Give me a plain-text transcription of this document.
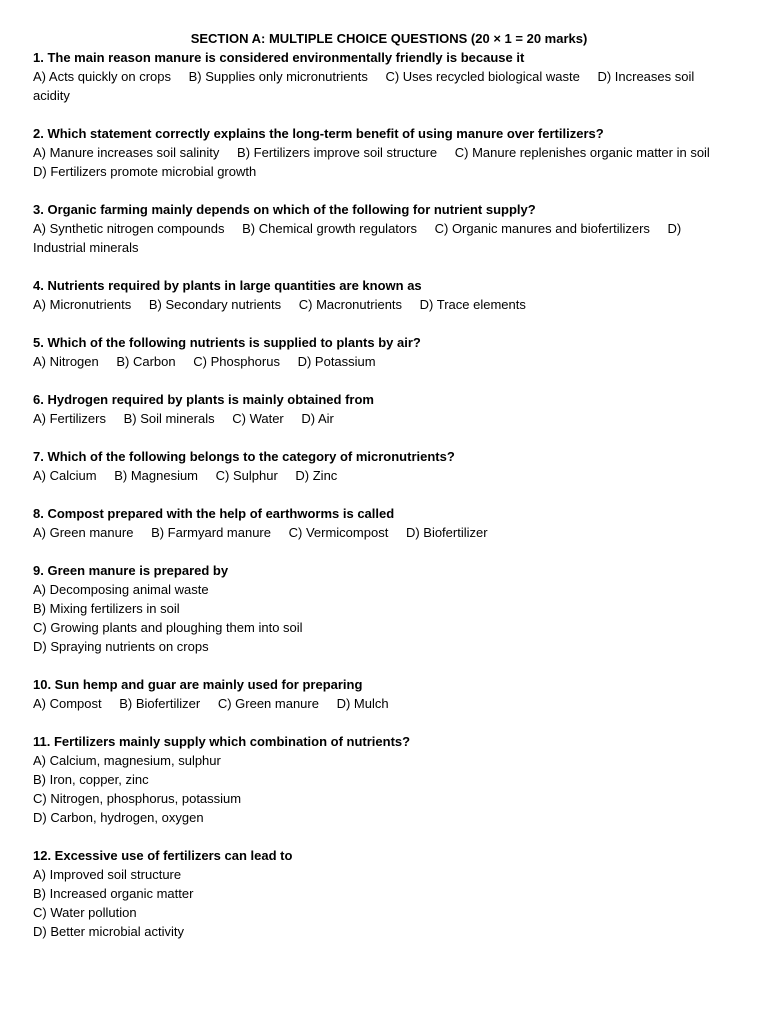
SECTION A: MULTIPLE CHOICE QUESTIONS (20 × 1 = 20 marks)
1. The main reason manure is considered environmentally friendly is because it
A) Acts quickly on crops B) Supplies only micronutrients C) Uses recycled biological waste D) Increases soil acidity
2. Which statement correctly explains the long-term benefit of using manure over fertilizers?
A) Manure increases soil salinity B) Fertilizers improve soil structure C) Manure replenishes organic matter in soil D) Fertilizers promote microbial growth
3. Organic farming mainly depends on which of the following for nutrient supply?
A) Synthetic nitrogen compounds B) Chemical growth regulators C) Organic manures and biofertilizers D) Industrial minerals
4. Nutrients required by plants in large quantities are known as
A) Micronutrients B) Secondary nutrients C) Macronutrients D) Trace elements
5. Which of the following nutrients is supplied to plants by air?
A) Nitrogen B) Carbon C) Phosphorus D) Potassium
6. Hydrogen required by plants is mainly obtained from
A) Fertilizers B) Soil minerals C) Water D) Air
7. Which of the following belongs to the category of micronutrients?
A) Calcium B) Magnesium C) Sulphur D) Zinc
8. Compost prepared with the help of earthworms is called
A) Green manure B) Farmyard manure C) Vermicompost D) Biofertilizer
9. Green manure is prepared by
A) Decomposing animal waste
B) Mixing fertilizers in soil
C) Growing plants and ploughing them into soil
D) Spraying nutrients on crops
10. Sun hemp and guar are mainly used for preparing
A) Compost B) Biofertilizer C) Green manure D) Mulch
11. Fertilizers mainly supply which combination of nutrients?
A) Calcium, magnesium, sulphur
B) Iron, copper, zinc
C) Nitrogen, phosphorus, potassium
D) Carbon, hydrogen, oxygen
12. Excessive use of fertilizers can lead to
A) Improved soil structure
B) Increased organic matter
C) Water pollution
D) Better microbial activity
